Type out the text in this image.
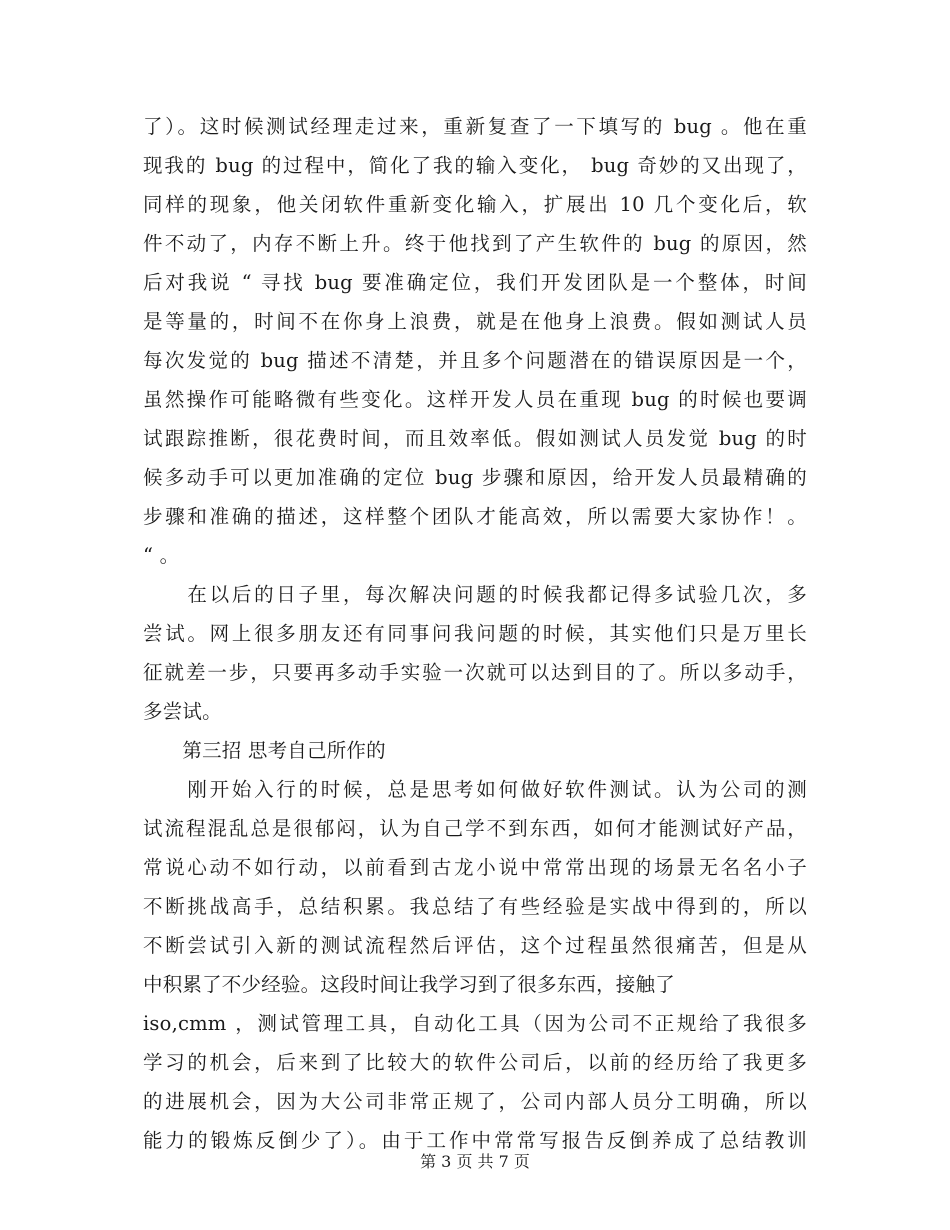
了）。这时候测试经理走过来，重新复查了一下填写的 bug 。他在重
现我的 bug 的过程中，简化了我的输入变化， bug 奇妙的又出现了，
同样的现象，他关闭软件重新变化输入，扩展出 10 几个变化后，软
件不动了，内存不断上升。终于他找到了产生软件的 bug 的原因，然
后对我说 “ 寻找 bug 要准确定位，我们开发团队是一个整体，时间
是等量的，时间不在你身上浪费，就是在他身上浪费。假如测试人员
每次发觉的 bug 描述不清楚，并且多个问题潜在的错误原因是一个，
虽然操作可能略微有些变化。这样开发人员在重现 bug 的时候也要调
试跟踪推断，很花费时间，而且效率低。假如测试人员发觉 bug 的时
候多动手可以更加准确的定位 bug 步骤和原因，给开发人员最精确的
步骤和准确的描述，这样整个团队才能高效，所以需要大家协作！。
“ 。
　　在以后的日子里，每次解决问题的时候我都记得多试验几次，多
尝试。网上很多朋友还有同事问我问题的时候，其实他们只是万里长
征就差一步，只要再多动手实验一次就可以达到目的了。所以多动手，
多尝试。
　　第三招 思考自己所作的
　　刚开始入行的时候，总是思考如何做好软件测试。认为公司的测
试流程混乱总是很郁闷，认为自己学不到东西，如何才能测试好产品，
常说心动不如行动，以前看到古龙小说中常常出现的场景无名名小子
不断挑战高手，总结积累。我总结了有些经验是实战中得到的，所以
不断尝试引入新的测试流程然后评估，这个过程虽然很痛苦，但是从
中积累了不少经验。这段时间让我学习到了很多东西，接触了
iso,cmm ，测试管理工具，自动化工具（因为公司不正规给了我很多
学习的机会，后来到了比较大的软件公司后，以前的经历给了我更多
的进展机会，因为大公司非常正规了，公司内部人员分工明确，所以
能力的锻炼反倒少了）。由于工作中常常写报告反倒养成了总结教训
第 3 页 共 7 页
